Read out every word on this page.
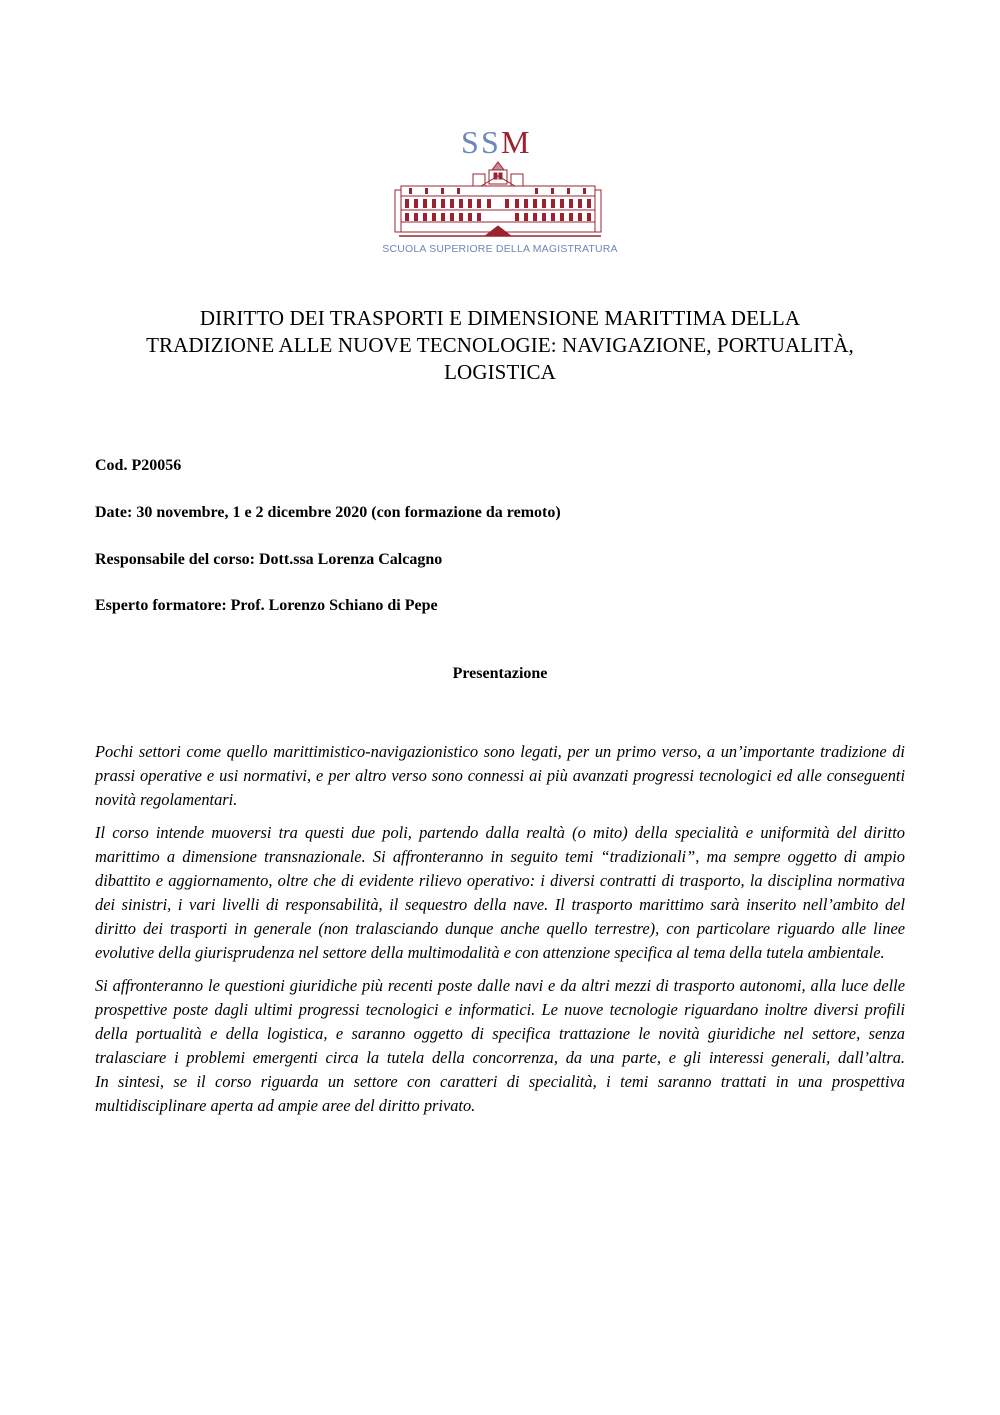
S S M
SCUOLA SUPERIORE DELLA MAGISTRATURA
DIRITTO DEI TRASPORTI E DIMENSIONE MARITTIMA DELLA
TRADIZIONE ALLE NUOVE TECNOLOGIE: NAVIGAZIONE, PORTUALITÀ,
LOGISTICA
Cod. P20056
Date: 30 novembre, 1 e 2 dicembre 2020 (con formazione da remoto)
Responsabile del corso: Dott.ssa Lorenza Calcagno
Esperto formatore: Prof. Lorenzo Schiano di Pepe
Presentazione

Pochi settori come quello marittimistico-navigazionistico sono legati, per un primo verso, a un’importante tradizione di prassi operative e usi normativi, e per altro verso sono connessi ai più avanzati progressi tecnologici ed alle conseguenti novità regolamentari.

Il corso intende muoversi tra questi due poli, partendo dalla realtà (o mito) della specialità e uniformità del diritto marittimo a dimensione transnazionale. Si affronteranno in seguito temi “tradizionali”, ma sempre oggetto di ampio dibattito e aggiornamento, oltre che di evidente rilievo operativo: i diversi contratti di trasporto, la disciplina normativa dei sinistri, i vari livelli di responsabilità, il sequestro della nave. Il trasporto marittimo sarà inserito nell’ambito del diritto dei trasporti in generale (non tralasciando dunque anche quello terrestre), con particolare riguardo alle linee evolutive della giurisprudenza nel settore della multimodalità e con attenzione specifica al tema della tutela ambientale.

Si affronteranno le questioni giuridiche più recenti poste dalle navi e da altri mezzi di trasporto autonomi, alla luce delle prospettive poste dagli ultimi progressi tecnologici e informatici. Le nuove tecnologie riguardano inoltre diversi profili della portualità e della logistica, e saranno oggetto di specifica trattazione le novità giuridiche nel settore, senza tralasciare i problemi emergenti circa la tutela della concorrenza, da una parte, e gli interessi generali, dall’altra.

In sintesi, se il corso riguarda un settore con caratteri di specialità, i temi saranno trattati in una prospettiva multidisciplinare aperta ad ampie aree del diritto privato.
